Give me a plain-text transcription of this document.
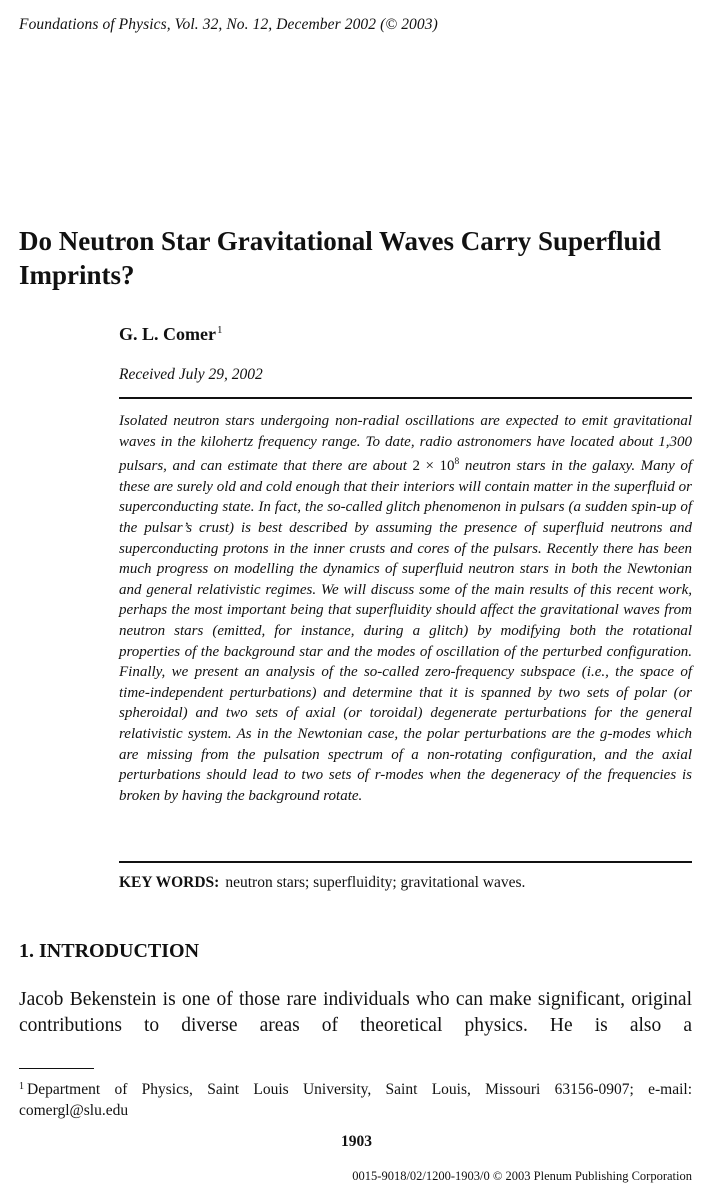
Foundations of Physics, Vol. 32, No. 12, December 2002 (© 2003)
Do Neutron Star Gravitational Waves Carry Superfluid Imprints?
G. L. Comer$^1$
Received July 29, 2002

Isolated neutron stars undergoing non-radial oscillations are expected to emit gravitational waves in the kilohertz frequency range. To date, radio astronomers have located about 1,300 pulsars, and can estimate that there are about $2 \times 10^8$ neutron stars in the galaxy. Many of these are surely old and cold enough that their interiors will contain matter in the superfluid or superconducting state. In fact, the so-called glitch phenomenon in pulsars (a sudden spin-up of the pulsar’s crust) is best described by assuming the presence of superfluid neutrons and superconducting protons in the inner crusts and cores of the pulsars. Recently there has been much progress on modelling the dynamics of superfluid neutron stars in both the Newtonian and general relativistic regimes. We will discuss some of the main results of this recent work, perhaps the most important being that superfluidity should affect the gravitational waves from neutron stars (emitted, for instance, during a glitch) by modifying both the rotational properties of the background star and the modes of oscillation of the perturbed configuration. Finally, we present an analysis of the so-called zero-frequency subspace (i.e., the space of time-independent perturbations) and determine that it is spanned by two sets of polar (or spheroidal) and two sets of axial (or toroidal) degenerate perturbations for the general relativistic system. As in the Newtonian case, the polar perturbations are the g-modes which are missing from the pulsation spectrum of a non-rotating configuration, and the axial perturbations should lead to two sets of r-modes when the degeneracy of the frequencies is broken by having the background rotate.

KEY WORDS: neutron stars; superfluidity; gravitational waves.
1. INTRODUCTION

Jacob Bekenstein is one of those rare individuals who can make significant, original contributions to diverse areas of theoretical physics. He is also a

$^1$ Department of Physics, Saint Louis University, Saint Louis, Missouri 63156-0907; e-mail: comergl@slu.edu

1903
0015-9018/02/1200-1903/0 © 2003 Plenum Publishing Corporation
